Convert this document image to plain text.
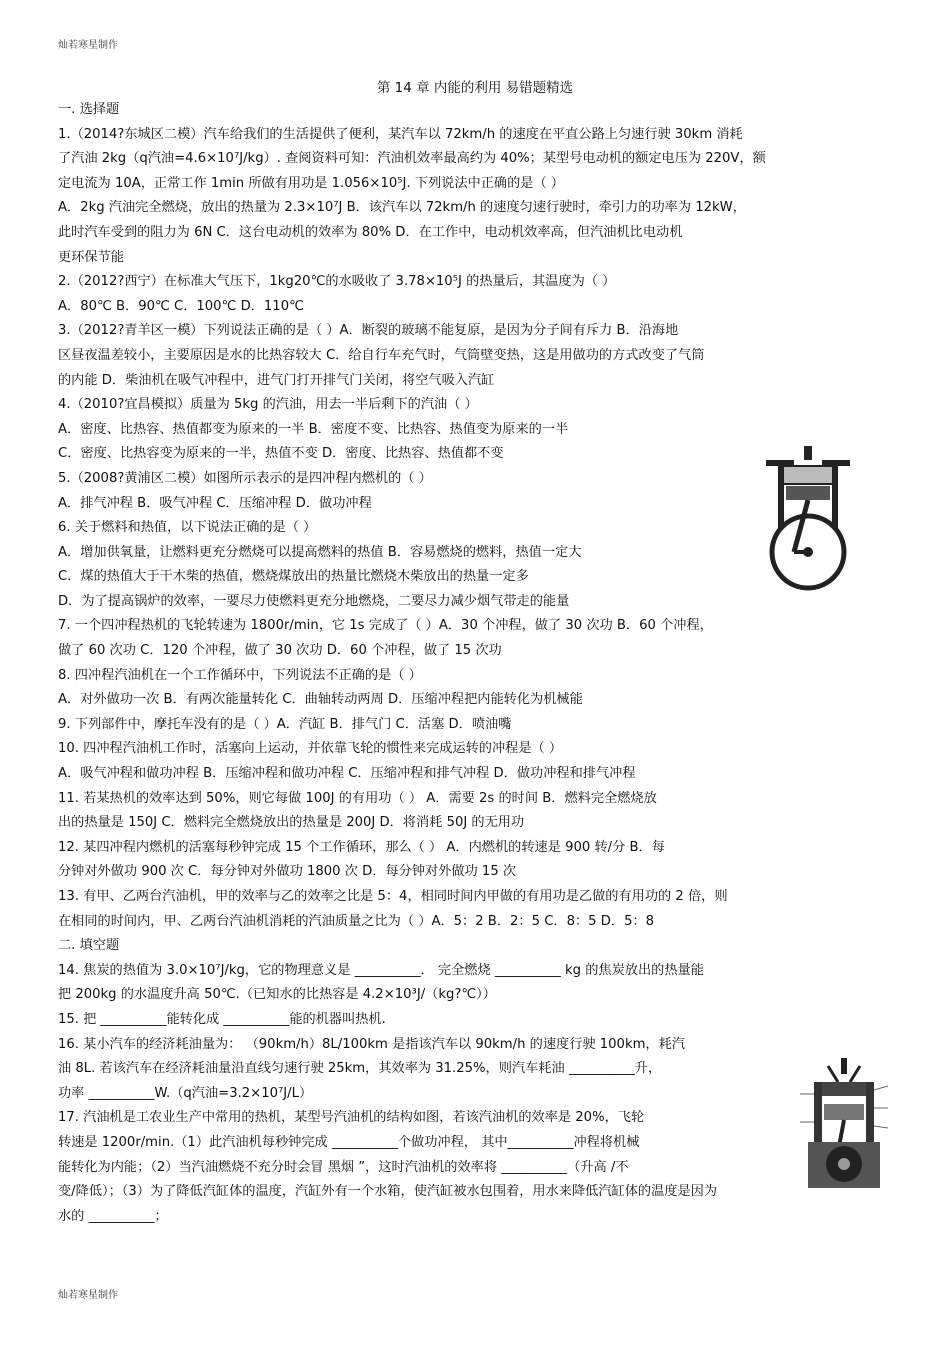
灿若寒星制作
第 14 章 内能的利用 易错题精选

一. 选择题

1.（2014?东城区二模）汽车给我们的生活提供了便利，某汽车以 72km/h 的速度在平直公路上匀速行驶 30km 消耗

了汽油 2kg（q汽油=4.6×10⁷J/kg）. 查阅资料可知：汽油机效率最高约为 40%；某型号电动机的额定电压为 220V，额

定电流为 10A，正常工作 1min 所做有用功是 1.056×10⁵J. 下列说法中正确的是（ ）

A．2kg 汽油完全燃烧，放出的热量为 2.3×10⁷J B．该汽车以 72km/h 的速度匀速行驶时，牵引力的功率为 12kW，

此时汽车受到的阻力为 6N C．这台电动机的效率为 80% D．在工作中，电动机效率高，但汽油机比电动机

更环保节能

2.（2012?西宁）在标准大气压下，1kg20℃的水吸收了 3.78×10⁵J 的热量后，其温度为（ ）

A．80℃ B．90℃ C．100℃ D．110℃

3.（2012?青羊区一模）下列说法正确的是（ ）A．断裂的玻璃不能复原，是因为分子间有斥力 B．沿海地

区昼夜温差较小，主要原因是水的比热容较大 C．给自行车充气时，气筒壁变热，这是用做功的方式改变了气筒

的内能 D．柴油机在吸气冲程中，进气门打开排气门关闭，将空气吸入汽缸

4.（2010?宜昌模拟）质量为 5kg 的汽油，用去一半后剩下的汽油（ ）

A．密度、比热容、热值都变为原来的一半 B．密度不变、比热容、热值变为原来的一半

C．密度、比热容变为原来的一半，热值不变 D．密度、比热容、热值都不变

5.（2008?黄浦区二模）如图所示表示的是四冲程内燃机的（ ）

A．排气冲程 B．吸气冲程 C．压缩冲程 D．做功冲程

6. 关于燃料和热值，以下说法正确的是（ ）

A．增加供氧量，让燃料更充分燃烧可以提高燃料的热值 B．容易燃烧的燃料，热值一定大

C．煤的热值大于干木柴的热值，燃烧煤放出的热量比燃烧木柴放出的热量一定多

D．为了提高锅炉的效率，一要尽力使燃料更充分地燃烧，二要尽力减少烟气带走的能量

7. 一个四冲程热机的飞轮转速为 1800r/min，它 1s 完成了（ ）A．30 个冲程，做了 30 次功 B．60 个冲程，

做了 60 次功 C．120 个冲程，做了 30 次功 D．60 个冲程，做了 15 次功

8. 四冲程汽油机在一个工作循环中，下列说法不正确的是（ ）

A．对外做功一次 B．有两次能量转化 C．曲轴转动两周 D．压缩冲程把内能转化为机械能

9. 下列部件中，摩托车没有的是（ ）A．汽缸 B．排气门 C．活塞 D．喷油嘴

10. 四冲程汽油机工作时，活塞向上运动，并依靠飞轮的惯性来完成运转的冲程是（ ）

A．吸气冲程和做功冲程 B．压缩冲程和做功冲程 C．压缩冲程和排气冲程 D．做功冲程和排气冲程

11. 若某热机的效率达到 50%，则它每做 100J 的有用功（ ） A．需要 2s 的时间 B．燃料完全燃烧放

出的热量是 150J C．燃料完全燃烧放出的热量是 200J D．将消耗 50J 的无用功

12. 某四冲程内燃机的活塞每秒钟完成 15 个工作循环，那么（ ） A．内燃机的转速是 900 转/分 B．每

分钟对外做功 900 次 C．每分钟对外做功 1800 次 D．每分钟对外做功 15 次

13. 有甲、乙两台汽油机，甲的效率与乙的效率之比是 5：4，相同时间内甲做的有用功是乙做的有用功的 2 倍，则

在相同的时间内，甲、乙两台汽油机消耗的汽油质量之比为（ ）A．5：2 B．2：5 C．8：5 D．5：8

二. 填空题

14. 焦炭的热值为 3.0×10⁷J/kg，它的物理意义是 __________． 完全燃烧 __________ kg 的焦炭放出的热量能

把 200kg 的水温度升高 50℃.（已知水的比热容是 4.2×10³J/（kg?℃））

15. 把 __________能转化成 __________能的机器叫热机.

16. 某小汽车的经济耗油量为： （90km/h）8L/100km 是指该汽车以 90km/h 的速度行驶 100km，耗汽

油 8L. 若该汽车在经济耗油量沿直线匀速行驶 25km，其效率为 31.25%，则汽车耗油 __________升，

功率 __________W.（q汽油=3.2×10⁷J/L）

17. 汽油机是工农业生产中常用的热机，某型号汽油机的结构如图，若该汽油机的效率是 20%，飞轮

转速是 1200r/min.（1）此汽油机每秒钟完成 __________个做功冲程， 其中__________冲程将机械

能转化为内能；（2）当汽油燃烧不充分时会冒 黑烟 ”，这时汽油机的效率将 __________（升高 /不

变/降低）；（3）为了降低汽缸体的温度，汽缸外有一个水箱，使汽缸被水包围着，用水来降低汽缸体的温度是因为

水的 __________；

灿若寒星制作
